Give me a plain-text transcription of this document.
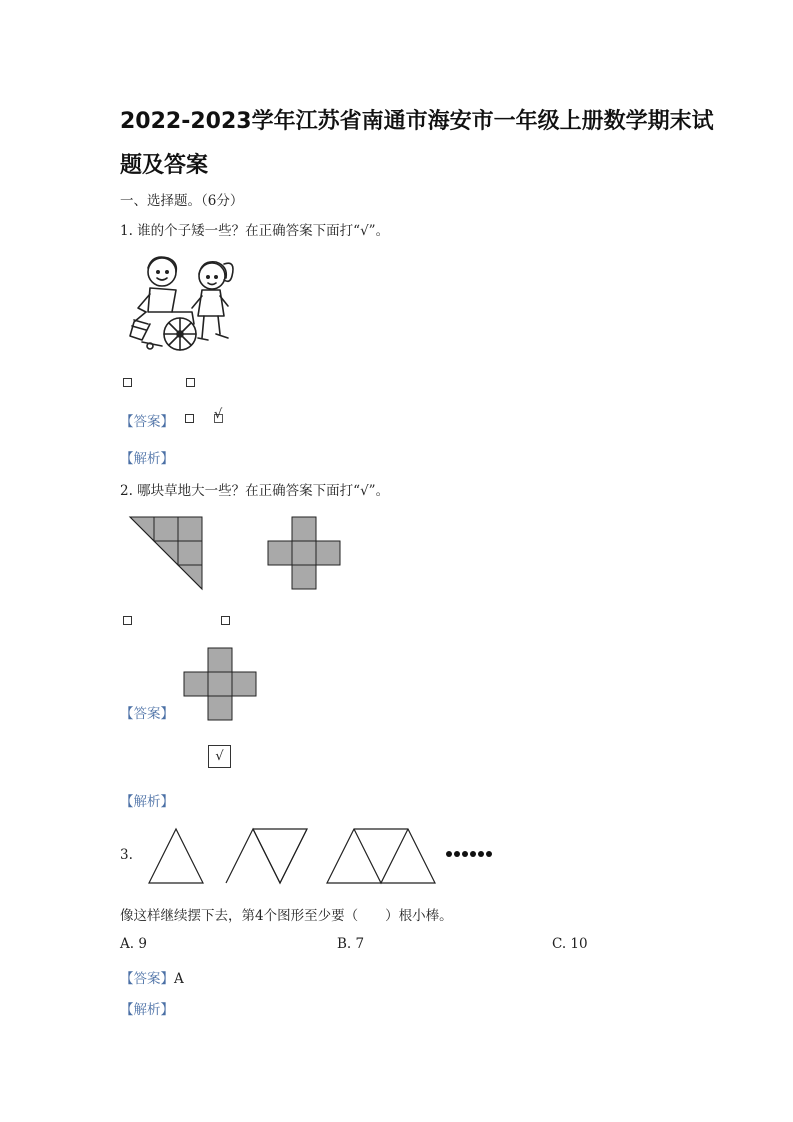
2022-2023学年江苏省南通市海安市一年级上册数学期末试
题及答案
一、选择题。（6分）
1. 谁的个子矮一些？在正确答案下面打“√”。
【答案】	√
【解析】
2. 哪块草地大一些？在正确答案下面打“√”。
【答案】
√
【解析】
3.
像这样继续摆下去，第4个图形至少要（　　）根小棒。
A. 9	B. 7	C. 10
【答案】A
【解析】
